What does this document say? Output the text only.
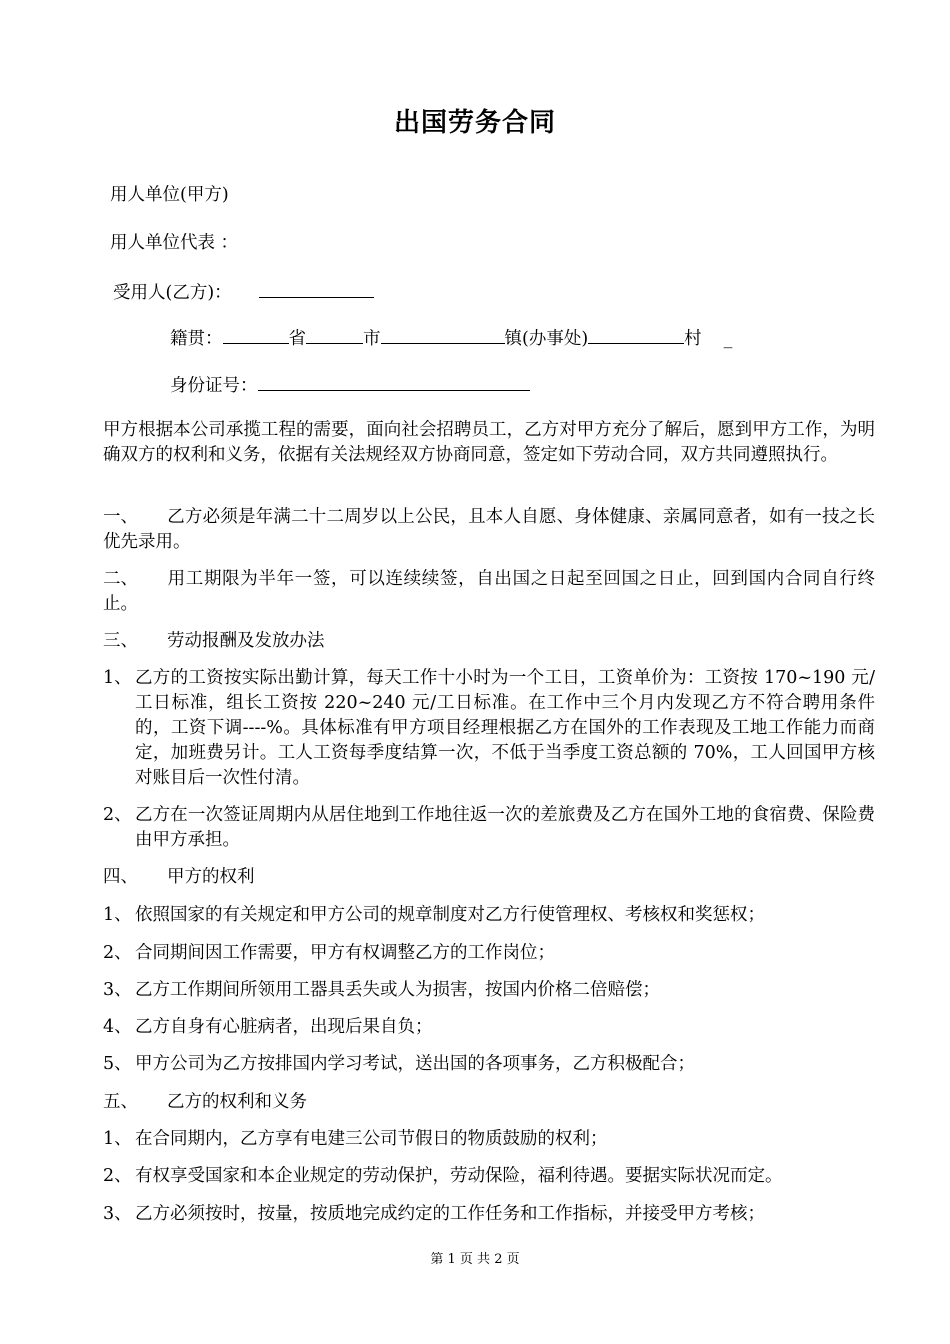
出国劳务合同
用人单位(甲方)
用人单位代表 ：
受用人(乙方)：
籍贯：	省	市	镇(办事处)	村 _
身份证号：
甲方根据本公司承揽工程的需要，面向社会招聘员工，乙方对甲方充分了解后，愿到甲方工作，为明确双方的权利和义务，依据有关法规经双方协商同意，签定如下劳动合同，双方共同遵照执行。
一、 乙方必须是年满二十二周岁以上公民，且本人自愿、身体健康、亲属同意者，如有一技之长优先录用。
二、 用工期限为半年一签，可以连续续签，自出国之日起至回国之日止，回到国内合同自行终止。
三、 劳动报酬及发放办法
1、 乙方的工资按实际出勤计算，每天工作十小时为一个工日，工资单价为：工资按 170~190 元/工日标准，组长工资按 220~240 元/工日标准。在工作中三个月内发现乙方不符合聘用条件的，工资下调----%。具体标准有甲方项目经理根据乙方在国外的工作表现及工地工作能力而商定，加班费另计。工人工资每季度结算一次，不低于当季度工资总额的 70%，工人回国甲方核对账目后一次性付清。
2、 乙方在一次签证周期内从居住地到工作地往返一次的差旅费及乙方在国外工地的食宿费、保险费由甲方承担。
四、 甲方的权利
1、 依照国家的有关规定和甲方公司的规章制度对乙方行使管理权、考核权和奖惩权；
2、 合同期间因工作需要，甲方有权调整乙方的工作岗位；
3、 乙方工作期间所领用工器具丢失或人为损害，按国内价格二倍赔偿；
4、 乙方自身有心脏病者，出现后果自负；
5、 甲方公司为乙方按排国内学习考试，送出国的各项事务，乙方积极配合；
五、 乙方的权利和义务
1、 在合同期内，乙方享有电建三公司节假日的物质鼓励的权利；
2、 有权享受国家和本企业规定的劳动保护，劳动保险，福利待遇。要据实际状况而定。
3、 乙方必须按时，按量，按质地完成约定的工作任务和工作指标，并接受甲方考核；
第 1 页 共 2 页
